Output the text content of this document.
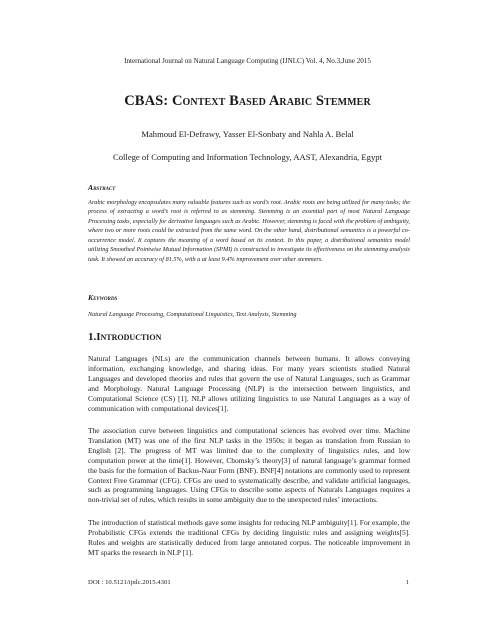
International Journal on Natural Language Computing (IJNLC) Vol. 4, No.3,June 2015
CBAS: Context Based Arabic Stemmer
Mahmoud El-Defrawy, Yasser El-Sonbaty and Nahla A. Belal
College of Computing and Information Technology, AAST, Alexandria, Egypt
Abstract
Arabic morphology encapsulates many valuable features such as word’s root. Arabic roots are being utilized for many tasks; the process of extracting a word’s root is referred to as stemming. Stemming is an essential part of most Natural Language Processing tasks, especially for derivative languages such as Arabic. However, stemming is faced with the problem of ambiguity, where two or more roots could be extracted from the same word. On the other hand, distributional semantics is a powerful co-occurrence model. It captures the meaning of a word based on its context. In this paper, a distributional semantics model utilizing Smoothed Pointwise Mutual Information (SPMI) is constructed to investigate its effectiveness on the stemming analysis task. It showed an accuracy of 81.5%, with a at least 9.4% improvement over other stemmers.
Keywords
Natural Language Processing, Computational Linguistics, Text Analysis, Stemming
1.Introduction
Natural Languages (NLs) are the communication channels between humans. It allows conveying information, exchanging knowledge, and sharing ideas. For many years scientists studied Natural Languages and developed theories and rules that govern the use of Natural Languages, such as Grammar and Morphology. Natural Language Processing (NLP) is the intersection between linguistics, and Computational Science (CS) [1]. NLP allows utilizing linguistics to use Natural Languages as a way of communication with computational devices[1].
The association curve between linguistics and computational sciences has evolved over time. Machine Translation (MT) was one of the first NLP tasks in the 1950s; it began as translation from Russian to English [2]. The progress of MT was limited due to the complexity of linguistics rules, and low computation power at the time[1]. However, Chomsky’s theory[3] of natural language’s grammar formed the basis for the formation of Backus-Naur Form (BNF). BNF[4] notations are commonly used to represent Context Free Grammar (CFG). CFGs are used to systematically describe, and validate artificial languages, such as programming languages. Using CFGs to describe some aspects of Naturals Languages requires a non-trivial set of rules, which results in some ambiguity due to the unexpected rules’ interactions.
The introduction of statistical methods gave some insights for reducing NLP ambiguity[1]. For example, the Probabilistic CFGs extends the traditional CFGs by deciding linguistic rules and assigning weights[5]. Rules and weights are statistically deduced from large annotated corpus. The noticeable improvement in MT sparks the research in NLP [1].
DOI : 10.5121/ijnlc.2015.4301	1
